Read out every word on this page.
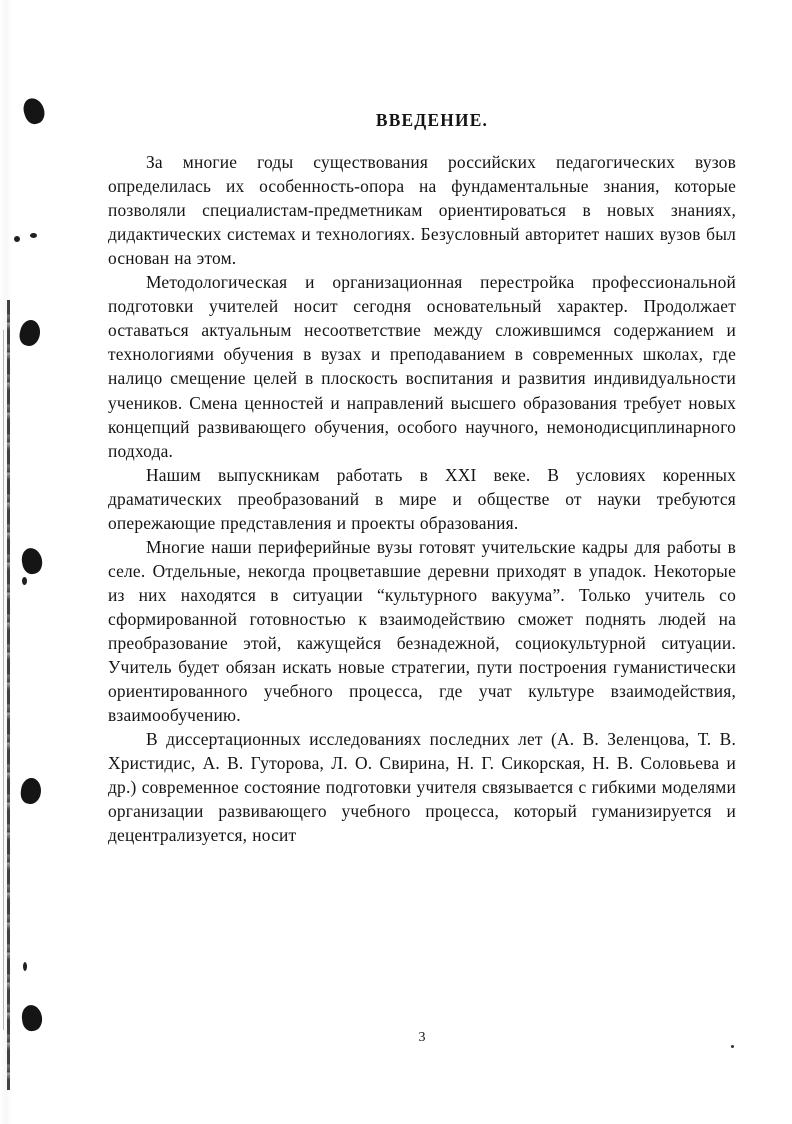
ВВЕДЕНИЕ.

За многие годы существования российских педагогических вузов определилась их особенность-опора на фундаментальные знания, которые позволяли специалистам-предметникам ориентироваться в новых знаниях, дидактических системах и технологиях. Безусловный авторитет наших вузов был основан на этом.

Методологическая и организационная перестройка профессиональной подготовки учителей носит сегодня основательный характер. Продолжает оставаться актуальным несоответствие между сложившимся содержанием и технологиями обучения в вузах и преподаванием в современных школах, где налицо смещение целей в плоскость воспитания и развития индивидуальности учеников. Смена ценностей и направлений высшего образования требует новых концепций развивающего обучения, особого научного, немонодисциплинарного подхода.

Нашим выпускникам работать в XXI веке. В условиях коренных драматических преобразований в мире и обществе от науки требуются опережающие представления и проекты образования.

Многие наши периферийные вузы готовят учительские кадры для работы в селе. Отдельные, некогда процветавшие деревни приходят в упадок. Некоторые из них находятся в ситуации “культурного вакуума”. Только учитель со сформированной готовностью к взаимодействию сможет поднять людей на преобразование этой, кажущейся безнадежной, социокультурной ситуации. Учитель будет обязан искать новые стратегии, пути построения гуманистически ориентированного учебного процесса, где учат культуре взаимодействия, взаимообучению.

В диссертационных исследованиях последних лет (А. В. Зеленцова, Т. В. Христидис, А. В. Гуторова, Л. О. Свирина, Н. Г. Сикорская, Н. В. Соловьева и др.) современное состояние подготовки учителя связывается с гибкими моделями организации развивающего учебного процесса, который гуманизируется и децентрализуется, носит

3
